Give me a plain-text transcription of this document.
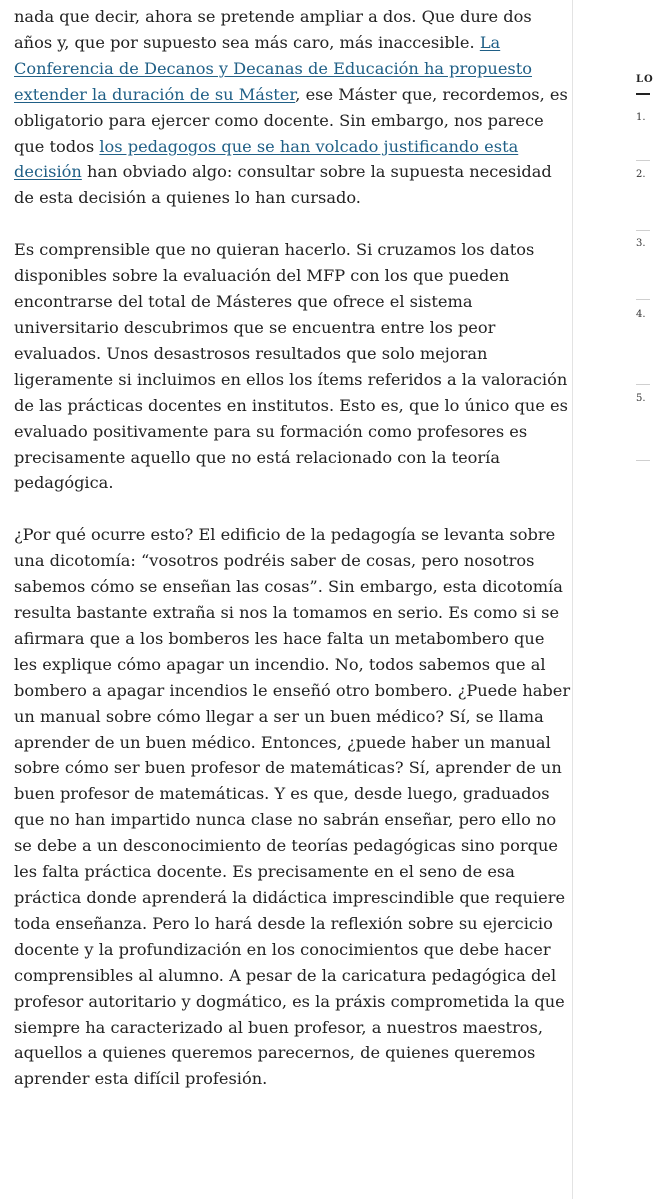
nada que decir, ahora se pretende ampliar a dos. Que dure dos años y, que por supuesto sea más caro, más inaccesible. La Conferencia de Decanos y Decanas de Educación ha propuesto extender la duración de su Máster, ese Máster que, recordemos, es obligatorio para ejercer como docente. Sin embargo, nos parece que todos los pedagogos que se han volcado justificando esta decisión han obviado algo: consultar sobre la supuesta necesidad de esta decisión a quienes lo han cursado.

Es comprensible que no quieran hacerlo. Si cruzamos los datos disponibles sobre la evaluación del MFP con los que pueden encontrarse del total de Másteres que ofrece el sistema universitario descubrimos que se encuentra entre los peor evaluados. Unos desastrosos resultados que solo mejoran ligeramente si incluimos en ellos los ítems referidos a la valoración de las prácticas docentes en institutos. Esto es, que lo único que es evaluado positivamente para su formación como profesores es precisamente aquello que no está relacionado con la teoría pedagógica.

¿Por qué ocurre esto? El edificio de la pedagogía se levanta sobre una dicotomía: “vosotros podréis saber de cosas, pero nosotros sabemos cómo se enseñan las cosas”. Sin embargo, esta dicotomía resulta bastante extraña si nos la tomamos en serio. Es como si se afirmara que a los bomberos les hace falta un metabombero que les explique cómo apagar un incendio. No, todos sabemos que al bombero a apagar incendios le enseñó otro bombero. ¿Puede haber un manual sobre cómo llegar a ser un buen médico? Sí, se llama aprender de un buen médico. Entonces, ¿puede haber un manual sobre cómo ser buen profesor de matemáticas? Sí, aprender de un buen profesor de matemáticas. Y es que, desde luego, graduados que no han impartido nunca clase no sabrán enseñar, pero ello no se debe a un desconocimiento de teorías pedagógicas sino porque les falta práctica docente. Es precisamente en el seno de esa práctica donde aprenderá la didáctica imprescindible que requiere toda enseñanza. Pero lo hará desde la reflexión sobre su ejercicio docente y la profundización en los conocimientos que debe hacer comprensibles al alumno. A pesar de la caricatura pedagógica del profesor autoritario y dogmático, es la práxis comprometida la que siempre ha caracterizado al buen profesor, a nuestros maestros, aquellos a quienes queremos parecernos, de quienes queremos aprender esta difícil profesión.

LO
1.
2.
3.
4.
5.
